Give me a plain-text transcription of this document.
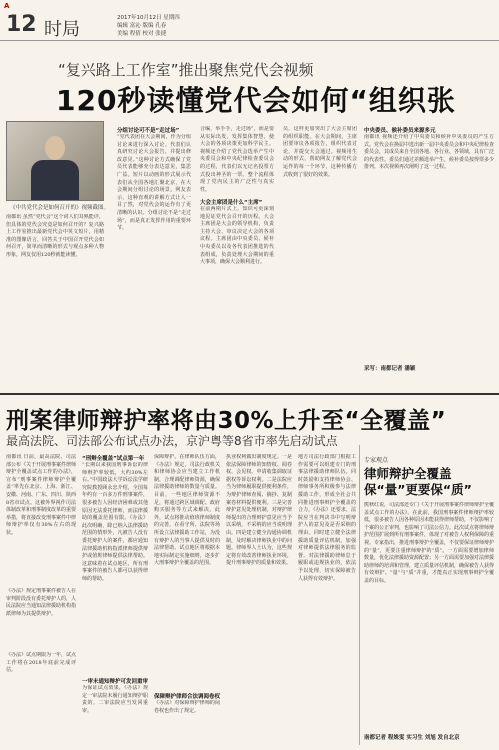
A
12 时局
2017年10月12日 星期四
编辑 富沁 版编 孔春
美编 程倩 校对 张捷
“复兴路上工作室”推出聚焦党代会视频
120秒读懂党代会如何“组织张
《中共党代会是如何召开的》视频截图。
南都讯 虽然“党代会”这个词人们耳熟能详，但具体的党代会究竟是如何召开的？复兴路上工作室推出最新党代会中英文短片，用精准的图像语言，回答关于中国召开党代会如何召开，简单而清晰的形式与观点多种人物形象，网友仅用120秒就能读懂。
分组讨论可不是“走过场”
“党代表团在大会期间，作为分组讨论来进行深入讨论。代表们认真研究讨论大会报告，并提出修改意见。”这种讨论方式确保了党员代表能够充分表达意见，集思广益。短片以动画的形式展示代表们从全国各地汇聚北京，在大会期间分组讨论的场景。网友表示，这种直观的讲解方式让人一目了然，对党代会的运作有了更清晰的认识。分组讨论不是“走过场”，而是真正发挥作用的重要环节。
合编，举手手，走过场”，而是要从实际出发，发挥集体智慧，使大会的各项决策更加科学民主。视频还介绍了党代会选举产生中央委员会和中央纪律检查委员会的过程，代表们以无记名投票方式投出神圣的一票。整个流程体现了党内民主的广泛性与真实性。
大会主席团是什么“主席”
在前两期片式上，知识可更深刻地见证党代会召开的历程。大会主席团是大会的领导机构，负责主持大会、审议决定大会的各项议程。主席团由中央委员、候补中央委员以及各代表团推选的代表组成，负责处理大会期间的重大事项，确保大会顺利进行。
员，这样更加突出了大会主席团的组织职能。在大会期间，主席团要审议各项报告，组织代表讨论，并提交大会通过。视频用生动的形式，帮助网友了解党代会运作的每一个环节，这种传播方式收到了很好的效果。
中央委员、候补委员来源多元
南都讯 视频还介绍了中央委员和候补中央委员的产生方式。党代会在换届中选出新一届中央委员会和中央纪律检查委员会，其成员来自全国各地、各行业、各领域，具有广泛的代表性。委员们通过差额选举产生，候补委员按得票多少排列。本次视频再次阐明了这一过程。
采写：南都记者 潘颖
刑案律师辩护率将由30%上升至“全覆盖”
最高法院、司法部公布试点办法，京沪粤等8省市率先启动试点
南都讯 日前，最高法院、司法部公布《关于开展刑事案件律师辩护全覆盖试点工作的办法》，宣布“刑事案件律师辩护全覆盖”率先在北京、上海、浙江、安徽、河南、广东、四川、陕西8省市试点。这被外界视作司法体制改革和刑事制度改革的重要举措，将直接改变刑事案件中律师辩护率仅有30%左右的现状。
《办法》规定刑事案件被告人在审判阶段没有委托辩护人的，人民法院应当通知法律援助机构指派律师为其提供辩护。
《办法》试点期限为一年，试点工作将在2018年底前完成评估。
“刑辩全覆盖”试点第一年
“长期以来我国刑事诉讼的律师辩护率较低，大约30%左右。”中国政法大学诉讼法学研究院教授顾永忠介绍，全国每年约有一百多万件刑事案件，很多被告人因经济困难或其他原因无法委托律师，而法律援助的覆盖范围有限。《办法》此次明确，除已纳入法律援助范围的情形外，凡被告人没有委托辩护人的案件，都应通知法律援助机构指派律师提供辩护或值班律师提供法律帮助。这意味着在试点地区，所有刑事案件的被告人都可以获得律师的帮助。
一审未通知辩护可发回重审
为保证试点效果，《办法》规定一审法院未履行通知辩护职责的，二审法院应当发回重审。
保障辩护。在律师队伍方面，《办法》规定，司法行政机关和律师协会应当建立工作机制，合理调配律师资源，确保法律援助律师的数量与质量。目前，一些地区律师资源不足，将通过跨区域调配、政府购买服务等方式来解决。此外，试点将推动值班律师制度的完善，在看守所、法院等场所设立法律援助工作站，为没有辩护人的当事人提供及时的法律帮助。试点地区将根据本地实际制定实施细则，逐步扩大刑事辩护全覆盖的范围。
保障辩护律师合法调阅卷权
《办法》对保障辩护律师的阅卷权也作出了规定。
执业权利做出制度规定。一是依法保障律师的知情权、阅卷权、会见权、申请收集调取证据权等诉讼权利。二是法院应当为律师履职提供便利条件，为辩护律师查阅、摘抄、复制案卷材料提供便利。三是完善辩护意见处理机制，对辩护律师提出的合理辩护意见应当予以采纳，不采纳的应当说明理由。四是建立健全沟通协调机制，及时解决律师执业中的问题。律师界人士认为，这些规定将有效改善律师执业环境，提升刑事辩护的质量和效果。
地方司法行政部门根据工作需要可以组建专门的刑事法律援助律师队伍。同时鼓励和支持律师协会、律师事务所积极参与法律援助工作，形成全社会共同推进刑事辩护全覆盖的合力。《办法》还要求，法院应当在判决书中写明辩护人的意见及是否采纳的理由。同时建立健全法律援助质量评估机制，加强对律师提供法律服务的监督。对法律援助律师怠于履职或违规执业的，依法予以处理，切实保障被告人获得有效辩护。
专家观点
律师辩护全覆盖 保“量”更要保“质”
熊秋红说，司法部还专门《关于开展刑事案件律师辩护全覆盖试点工作的办法》。在此前，我国刑事案件律师辩护率较低，很多被告人因各种原因未能获得律师帮助，不仅影响了个案的公正审判，也影响了司法公信力。此次试点将律师辩护范围扩展到所有刑事案件，体现了对被告人权利保障的重视。专家指出，推进刑事辩护全覆盖，不仅要保证律师辩护的“量”，更要注重律师辩护的“质”。一方面需要增加律师数量，优化法律援助资源配置；另一方面需要加强对法律援助律师的培训和管理，建立质量评估机制，确保被告人获得有效辩护。“量”与“质”并重，才能真正实现刑事辩护全覆盖的目标。
南都记者 程姝雯 实习生 刘旭 发自北京
